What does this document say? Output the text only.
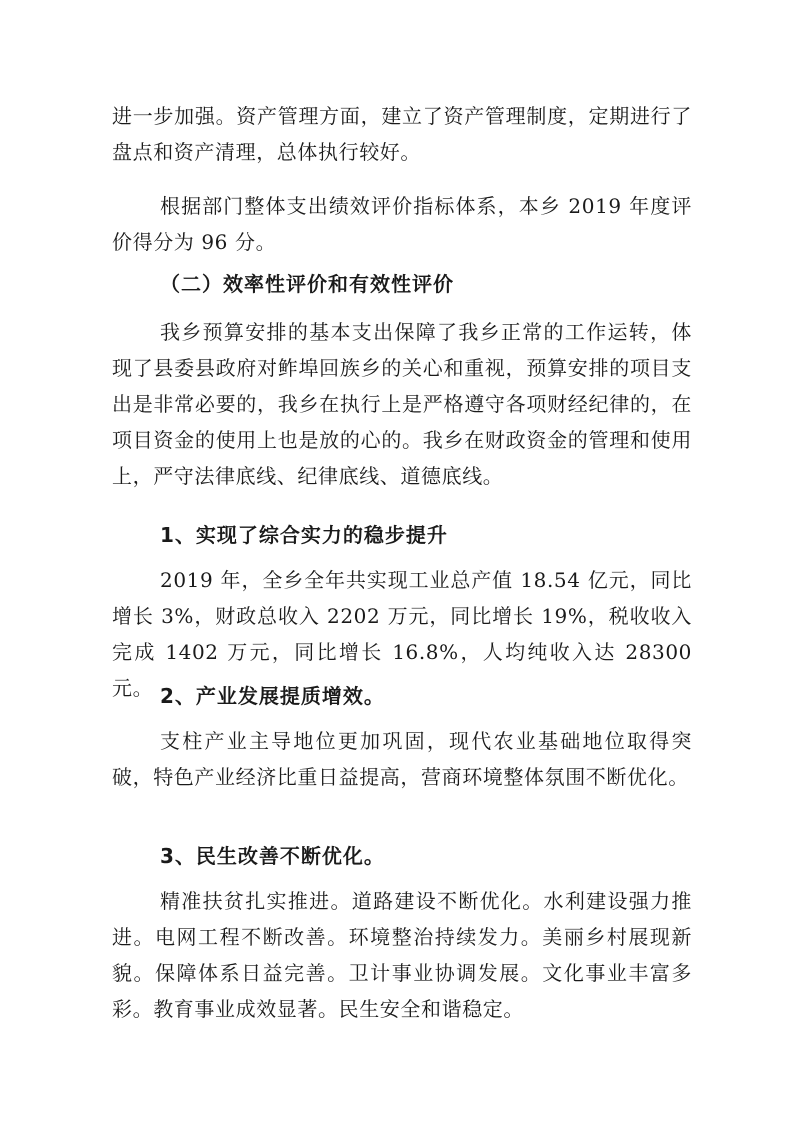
进一步加强。资产管理方面，建立了资产管理制度，定期进行了盘点和资产清理，总体执行较好。

根据部门整体支出绩效评价指标体系，本乡 2019 年度评价得分为 96 分。

（二）效率性评价和有效性评价

我乡预算安排的基本支出保障了我乡正常的工作运转，体现了县委县政府对鲊埠回族乡的关心和重视，预算安排的项目支出是非常必要的，我乡在执行上是严格遵守各项财经纪律的，在项目资金的使用上也是放的心的。我乡在财政资金的管理和使用上，严守法律底线、纪律底线、道德底线。

1、实现了综合实力的稳步提升

2019 年，全乡全年共实现工业总产值 18.54 亿元，同比增长 3%，财政总收入 2202 万元，同比增长 19%，税收收入完成 1402 万元，同比增长 16.8%，人均纯收入达 28300 元。 2、产业发展提质增效。

支柱产业主导地位更加巩固，现代农业基础地位取得突破，特色产业经济比重日益提高，营商环境整体氛围不断优化。

3、民生改善不断优化。

精准扶贫扎实推进。道路建设不断优化。水利建设强力推进。电网工程不断改善。环境整治持续发力。美丽乡村展现新貌。保障体系日益完善。卫计事业协调发展。文化事业丰富多彩。教育事业成效显著。民生安全和谐稳定。
